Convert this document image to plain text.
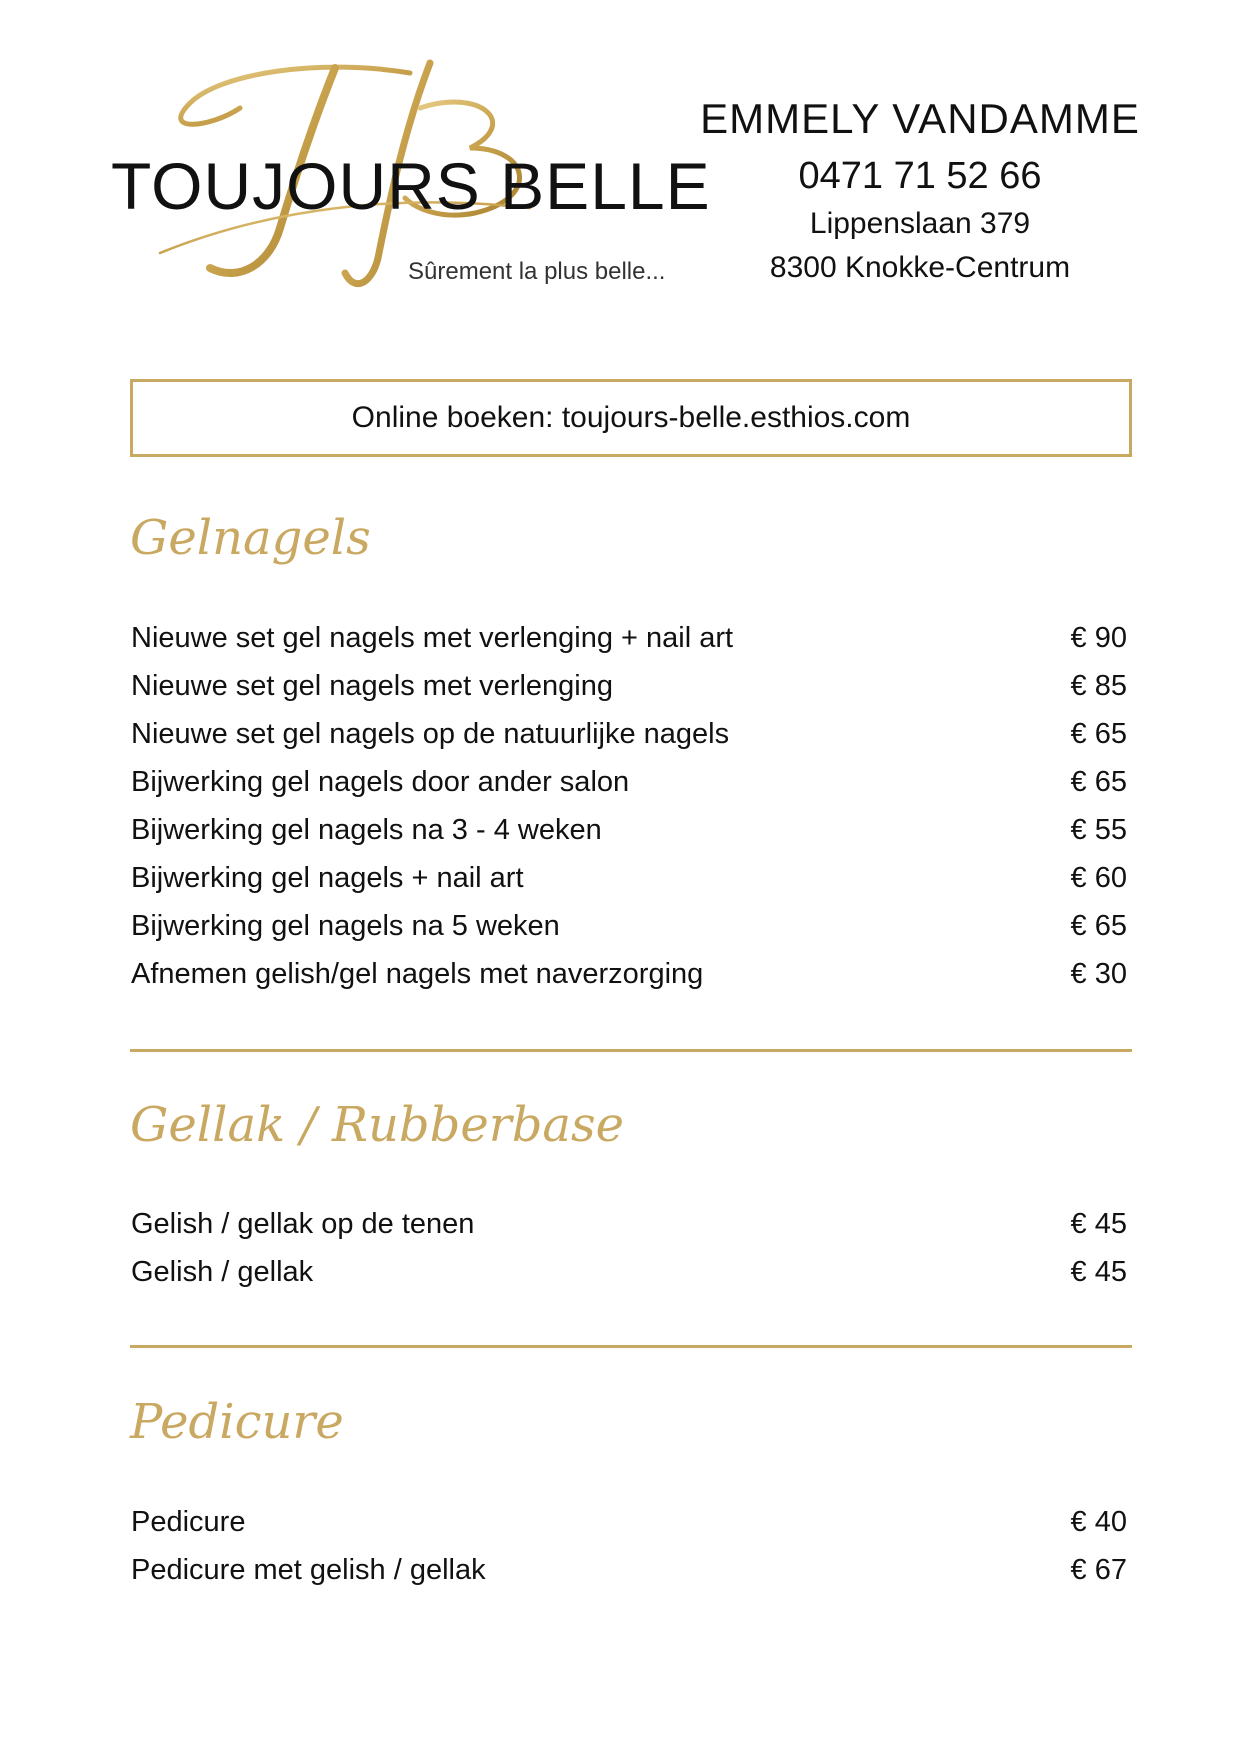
TOUJOURS BELLE
Sûrement la plus belle...
EMMELY VANDAMME
0471 71 52 66
Lippenslaan 379
8300 Knokke-Centrum
Online boeken: toujours-belle.esthios.com
Gelnagels
Nieuwe set gel nagels met verlenging + nail art	€ 90
Nieuwe set gel nagels met verlenging	€ 85
Nieuwe set gel nagels op de natuurlijke nagels	€ 65
Bijwerking gel nagels door ander salon	€ 65
Bijwerking gel nagels na 3 - 4 weken	€ 55
Bijwerking gel nagels + nail art	€ 60
Bijwerking gel nagels na 5 weken	€ 65
Afnemen gelish/gel nagels met naverzorging	€ 30
Gellak / Rubberbase
Gelish / gellak op de tenen	€ 45
Gelish / gellak	€ 45
Pedicure
Pedicure	€ 40
Pedicure met gelish / gellak	€ 67
